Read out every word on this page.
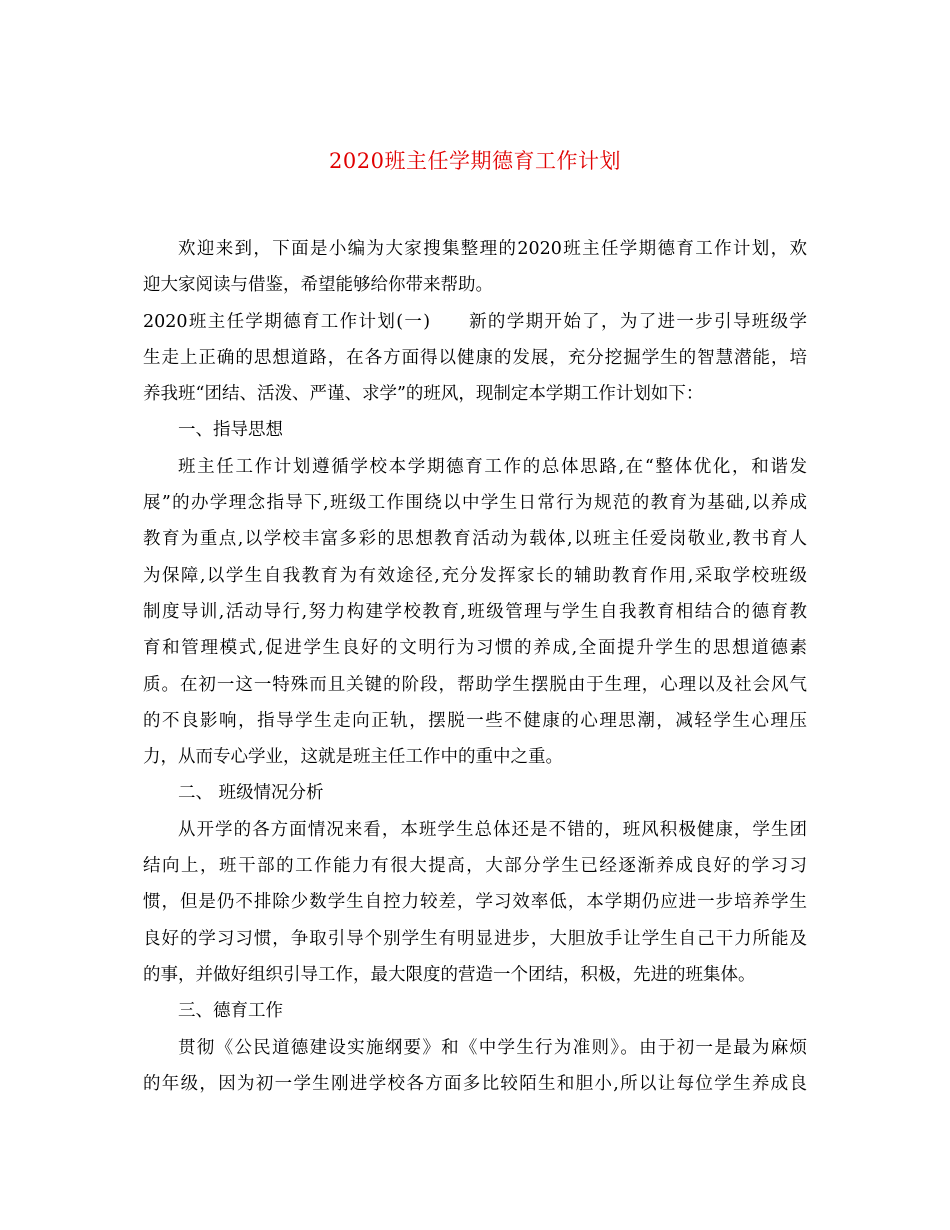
2020班主任学期德育工作计划
欢迎来到，下面是小编为大家搜集整理的2020班主任学期德育工作计划，欢
迎大家阅读与借鉴，希望能够给你带来帮助。
2020班主任学期德育工作计划(一)　　新的学期开始了，为了进一步引导班级学
生走上正确的思想道路，在各方面得以健康的发展，充分挖掘学生的智慧潜能，培
养我班“团结、活泼、严谨、求学”的班风，现制定本学期工作计划如下：
一、指导思想
班主任工作计划遵循学校本学期德育工作的总体思路,在“整体优化，和谐发
展”的办学理念指导下,班级工作围绕以中学生日常行为规范的教育为基础,以养成
教育为重点,以学校丰富多彩的思想教育活动为载体,以班主任爱岗敬业,教书育人
为保障,以学生自我教育为有效途径,充分发挥家长的辅助教育作用,采取学校班级
制度导训,活动导行,努力构建学校教育,班级管理与学生自我教育相结合的德育教
育和管理模式,促进学生良好的文明行为习惯的养成,全面提升学生的思想道德素
质。在初一这一特殊而且关键的阶段，帮助学生摆脱由于生理，心理以及社会风气
的不良影响，指导学生走向正轨，摆脱一些不健康的心理思潮，减轻学生心理压
力，从而专心学业，这就是班主任工作中的重中之重。
二、 班级情况分析
从开学的各方面情况来看，本班学生总体还是不错的，班风积极健康，学生团
结向上，班干部的工作能力有很大提高，大部分学生已经逐渐养成良好的学习习
惯，但是仍不排除少数学生自控力较差，学习效率低，本学期仍应进一步培养学生
良好的学习习惯，争取引导个别学生有明显进步，大胆放手让学生自己干力所能及
的事，并做好组织引导工作，最大限度的营造一个团结，积极，先进的班集体。
三、德育工作
贯彻《公民道德建设实施纲要》和《中学生行为准则》。由于初一是最为麻烦
的年级，因为初一学生刚进学校各方面多比较陌生和胆小,所以让每位学生养成良
